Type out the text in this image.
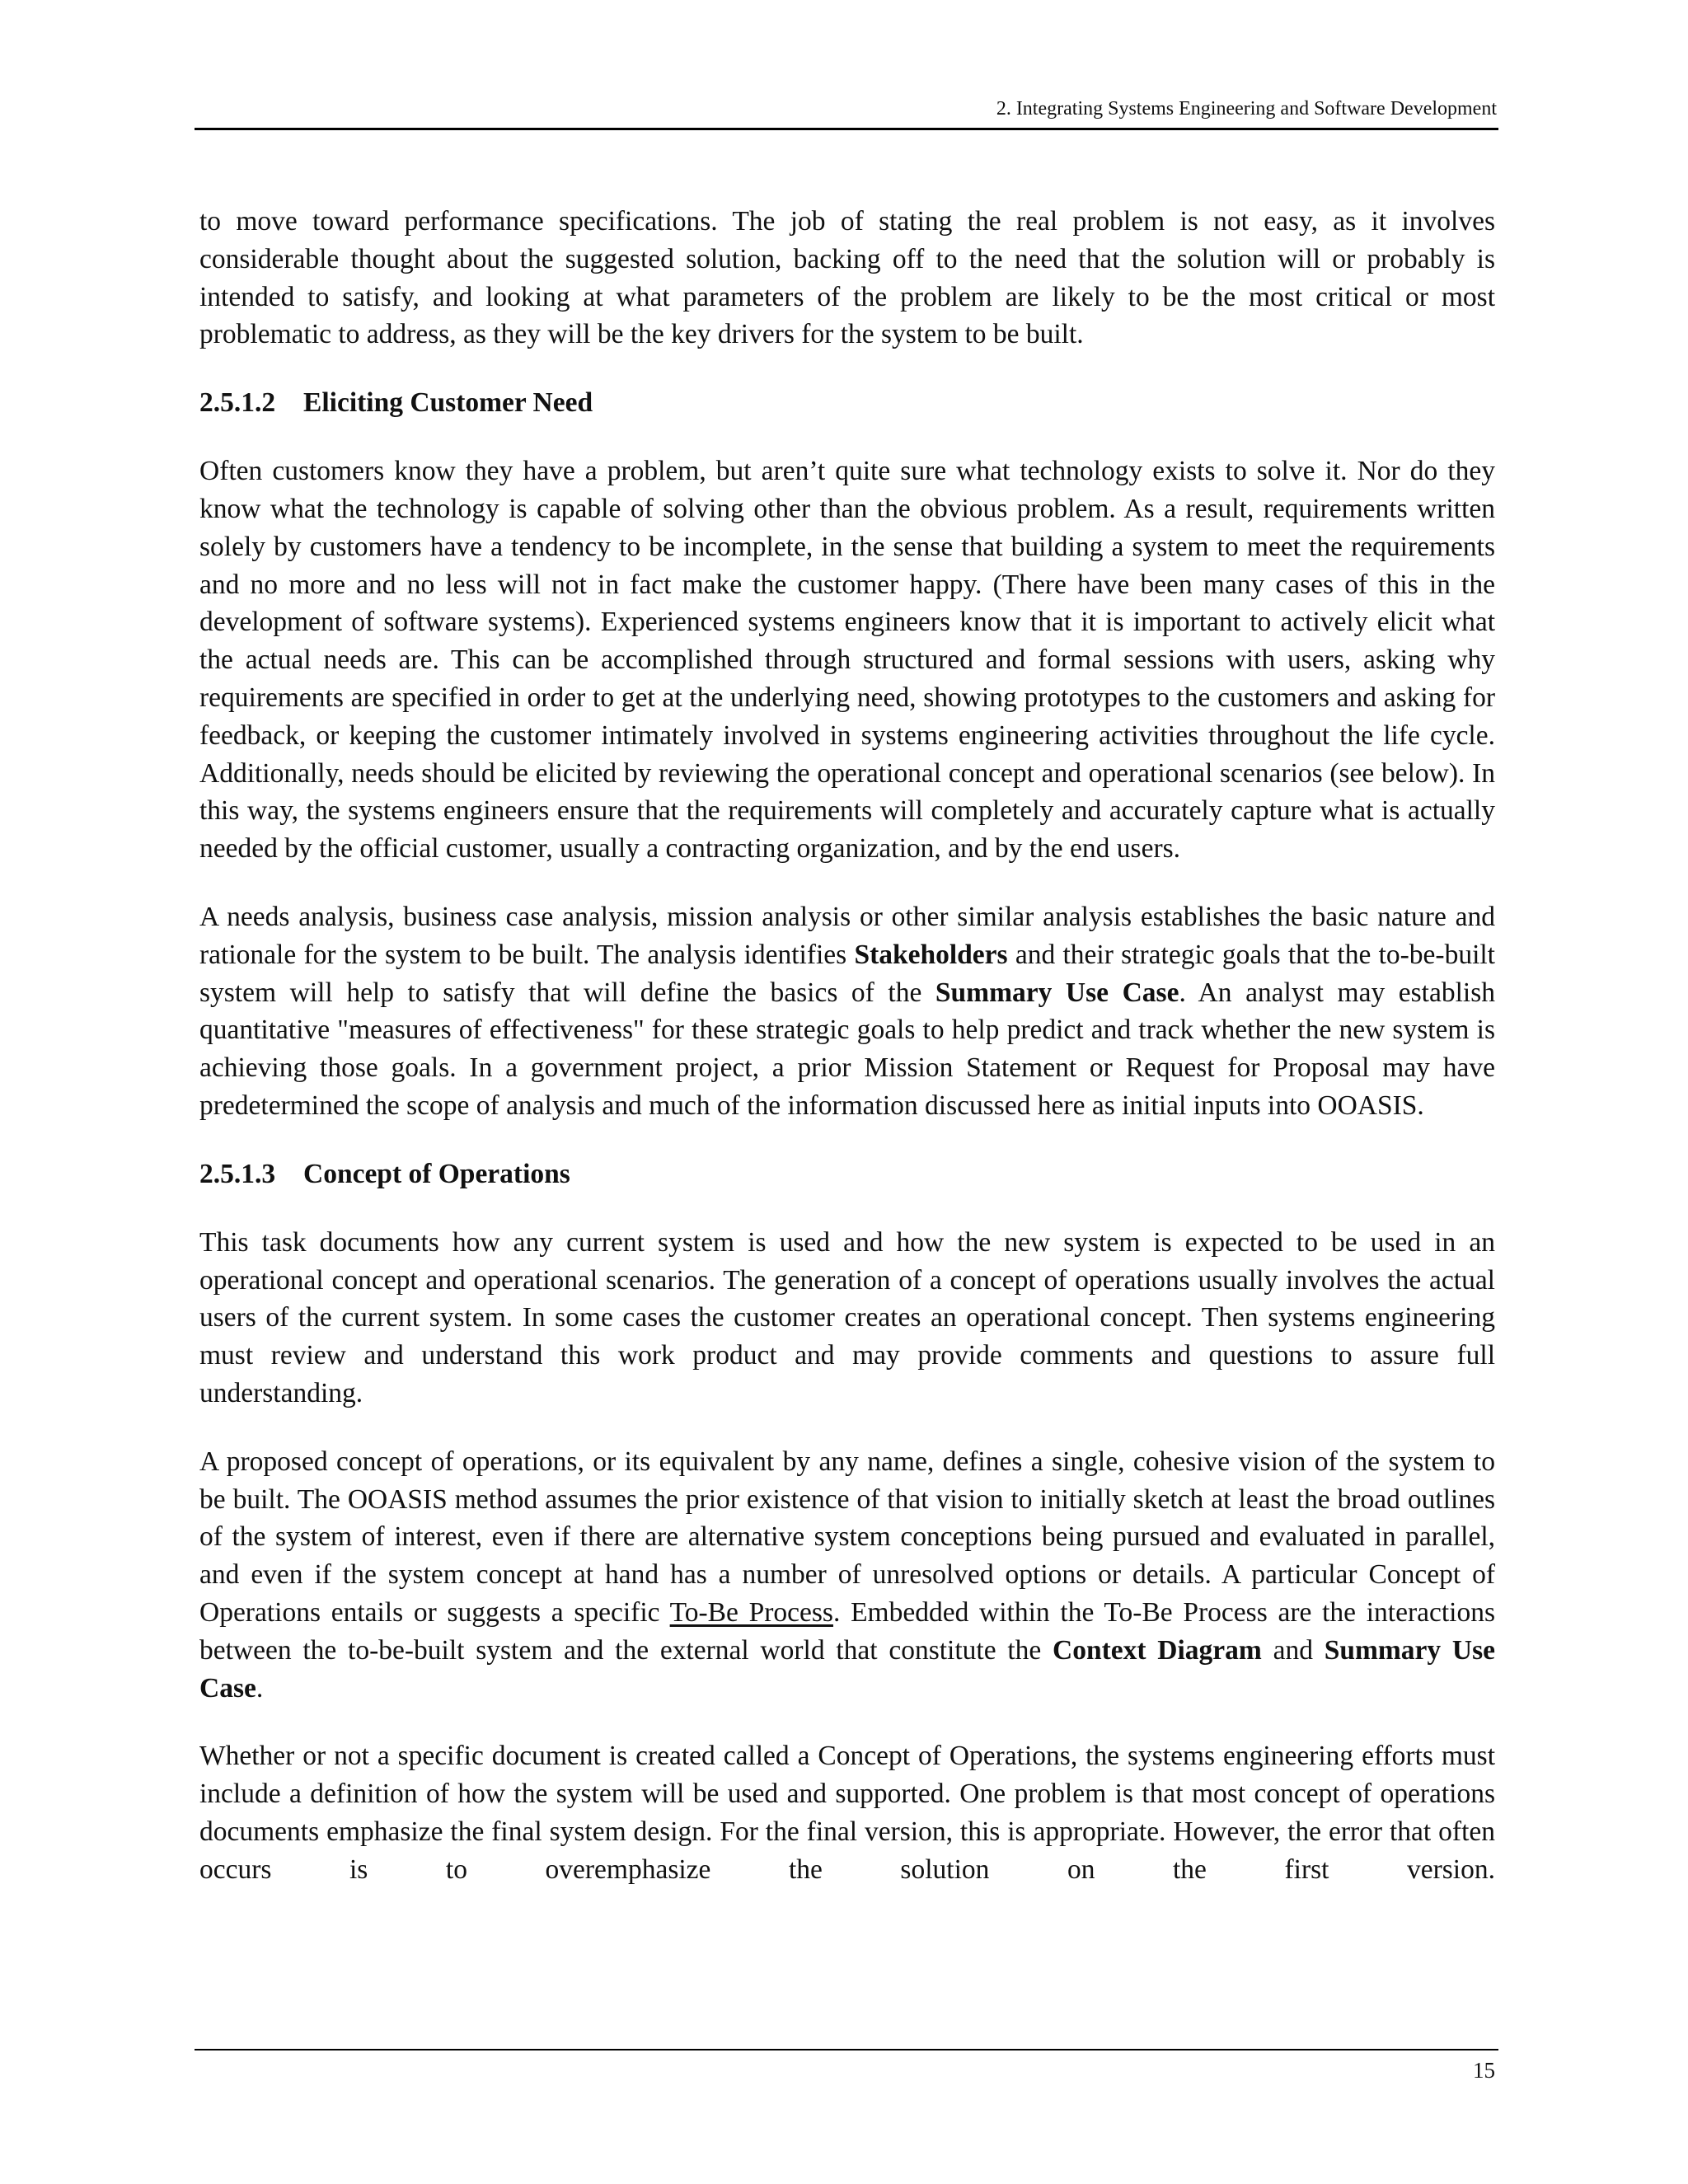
2. Integrating Systems Engineering and Software Development

to move toward performance specifications. The job of stating the real problem is not easy, as it involves considerable thought about the suggested solution, backing off to the need that the solution will or probably is intended to satisfy, and looking at what parameters of the problem are likely to be the most critical or most problematic to address, as they will be the key drivers for the system to be built.

2.5.1.2 Eliciting Customer Need

Often customers know they have a problem, but aren’t quite sure what technology exists to solve it. Nor do they know what the technology is capable of solving other than the obvious problem. As a result, requirements written solely by customers have a tendency to be incomplete, in the sense that building a system to meet the requirements and no more and no less will not in fact make the customer happy. (There have been many cases of this in the development of software systems). Experienced systems engineers know that it is important to actively elicit what the actual needs are. This can be accomplished through structured and formal sessions with users, asking why requirements are specified in order to get at the underlying need, showing prototypes to the customers and asking for feedback, or keeping the customer intimately involved in systems engineering activities throughout the life cycle. Additionally, needs should be elicited by reviewing the operational concept and operational scenarios (see below). In this way, the systems engineers ensure that the requirements will completely and accurately capture what is actually needed by the official customer, usually a contracting organization, and by the end users.

A needs analysis, business case analysis, mission analysis or other similar analysis establishes the basic nature and rationale for the system to be built. The analysis identifies Stakeholders and their strategic goals that the to-be-built system will help to satisfy that will define the basics of the Summary Use Case. An analyst may establish quantitative "measures of effectiveness" for these strategic goals to help predict and track whether the new system is achieving those goals. In a government project, a prior Mission Statement or Request for Proposal may have predetermined the scope of analysis and much of the information discussed here as initial inputs into OOASIS.

2.5.1.3 Concept of Operations

This task documents how any current system is used and how the new system is expected to be used in an operational concept and operational scenarios. The generation of a concept of operations usually involves the actual users of the current system. In some cases the customer creates an operational concept. Then systems engineering must review and understand this work product and may provide comments and questions to assure full understanding.

A proposed concept of operations, or its equivalent by any name, defines a single, cohesive vision of the system to be built. The OOASIS method assumes the prior existence of that vision to initially sketch at least the broad outlines of the system of interest, even if there are alternative system conceptions being pursued and evaluated in parallel, and even if the system concept at hand has a number of unresolved options or details. A particular Concept of Operations entails or suggests a specific To-Be Process. Embedded within the To-Be Process are the interactions between the to-be-built system and the external world that constitute the Context Diagram and Summary Use Case.

Whether or not a specific document is created called a Concept of Operations, the systems engineering efforts must include a definition of how the system will be used and supported. One problem is that most concept of operations documents emphasize the final system design. For the final version, this is appropriate. However, the error that often occurs is to overemphasize the solution on the first version.

15
